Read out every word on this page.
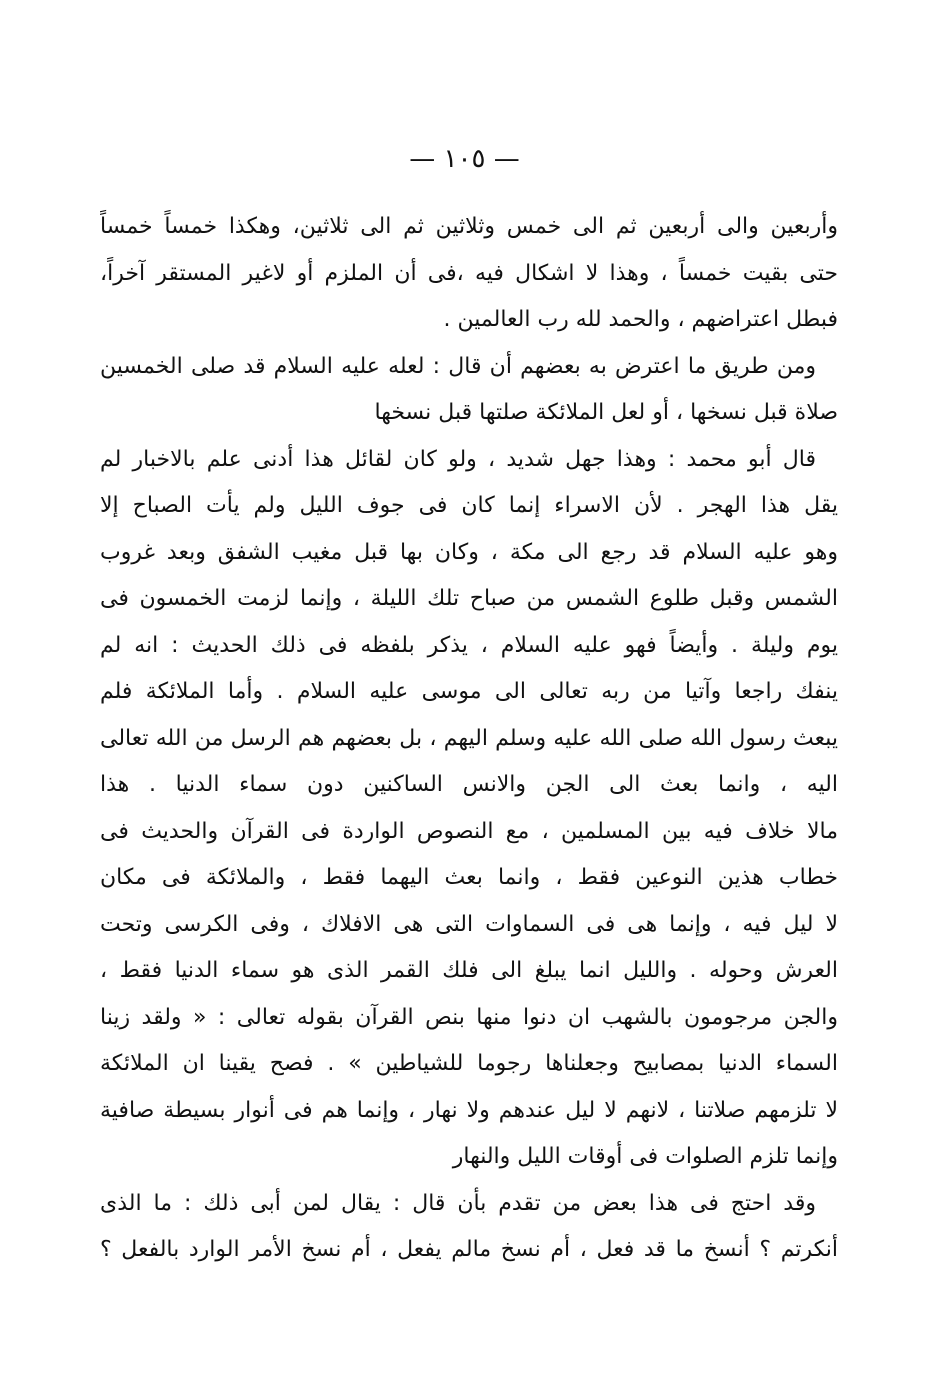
— ١٠٥ —
وأربعين والى أربعين ثم الى خمس وثلاثين ثم الى ثلاثين، وهكذا خمساً خمساً
حتى بقيت خمساً ، وهذا لا اشكال فيه ،فى أن الملزم أو لاغير المستقر آخراً،
فبطل اعتراضهم ، والحمد لله رب العالمين .
ومن طريق ما اعترض به بعضهم أن قال : لعله عليه السلام قد صلى الخمسين
صلاة قبل نسخها ، أو لعل الملائكة صلتها قبل نسخها
قال أبو محمد : وهذا جهل شديد ، ولو كان لقائل هذا أدنى علم بالاخبار لم
يقل هذا الهجر . لأن الاسراء إنما كان فى جوف الليل ولم يأت الصباح إلا
وهو عليه السلام قد رجع الى مكة ، وكان بها قبل مغيب الشفق وبعد غروب
الشمس وقبل طلوع الشمس من صباح تلك الليلة ، وإنما لزمت الخمسون فى
يوم وليلة . وأيضاً فهو عليه السلام ، يذكر بلفظه فى ذلك الحديث : انه لم
ينفك راجعا وآتيا من ربه تعالى الى موسى عليه السلام . وأما الملائكة فلم
يبعث رسول الله صلى الله عليه وسلم اليهم ، بل بعضهم هم الرسل من الله تعالى
اليه ، وانما بعث الى الجن والانس الساكنين دون سماء الدنيا . هذا
مالا خلاف فيه بين المسلمين ، مع النصوص الواردة فى القرآن والحديث فى
خطاب هذين النوعين فقط ، وانما بعث اليهما فقط ، والملائكة فى مكان
لا ليل فيه ، وإنما هى فى السماوات التى هى الافلاك ، وفى الكرسى وتحت
العرش وحوله . والليل انما يبلغ الى فلك القمر الذى هو سماء الدنيا فقط ،
والجن مرجومون بالشهب ان دنوا منها بنص القرآن بقوله تعالى : « ولقد زينا
السماء الدنيا بمصابيح وجعلناها رجوما للشياطين » . فصح يقينا ان الملائكة
لا تلزمهم صلاتنا ، لانهم لا ليل عندهم ولا نهار ، وإنما هم فى أنوار بسيطة صافية
وإنما تلزم الصلوات فى أوقات الليل والنهار
وقد احتج فى هذا بعض من تقدم بأن قال : يقال لمن أبى ذلك : ما الذى
أنكرتم ؟ أنسخ ما قد فعل ، أم نسخ مالم يفعل ، أم نسخ الأمر الوارد بالفعل ؟
